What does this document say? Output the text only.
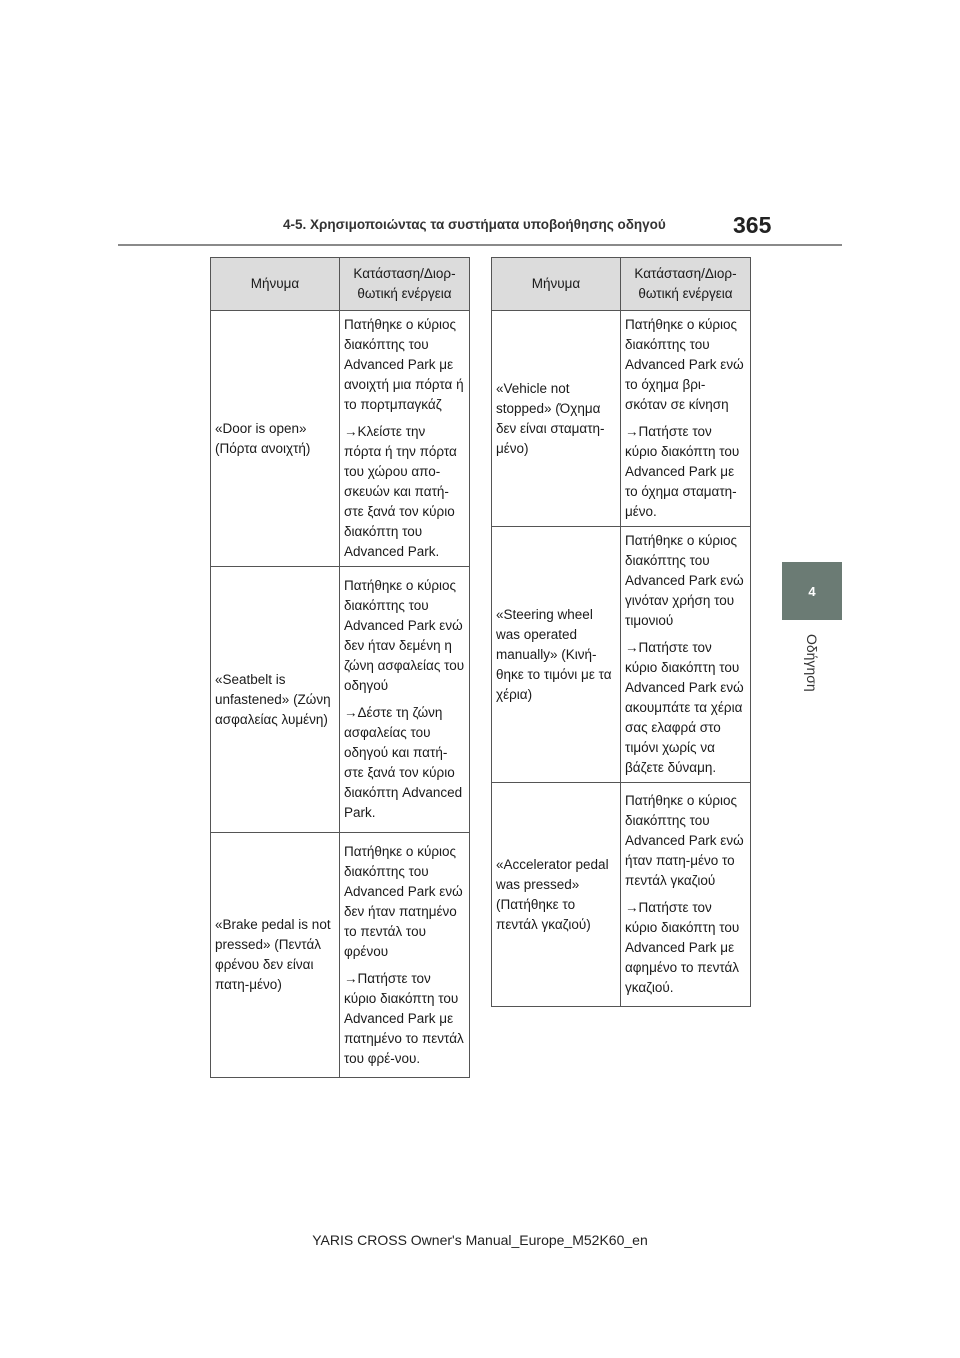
4-5. Χρησιμοποιώντας τα συστήματα υποβοήθησης οδηγού	365
4
Οδήγηση
Μήνυμα	Κατάσταση/Διορ-θωτική ενέργεια
«Door is open» (Πόρτα ανοιχτή)	Πατήθηκε ο κύριος διακόπτης του Advanced Park με ανοιχτή μια πόρτα ή το πορτμπαγκάζ

→Κλείστε την πόρτα ή την πόρτα του χώρου απο-σκευών και πατή-στε ξανά τον κύριο διακόπτη του Advanced Park.

«Seatbelt is unfastened» (Ζώνη ασφαλείας λυμένη)	Πατήθηκε ο κύριος διακόπτης του Advanced Park ενώ δεν ήταν δεμένη η ζώνη ασφαλείας του οδηγού

→Δέστε τη ζώνη ασφαλείας του οδηγού και πατή-στε ξανά τον κύριο διακόπτη Advanced Park.

«Brake pedal is not pressed» (Πεντάλ φρένου δεν είναι πατη-μένο)	Πατήθηκε ο κύριος διακόπτης του Advanced Park ενώ δεν ήταν πατημένο το πεντάλ του φρένου

→Πατήστε τον κύριο διακόπτη του Advanced Park με πατημένο το πεντάλ του φρέ-νου.

Μήνυμα	Κατάσταση/Διορ-θωτική ενέργεια
«Vehicle not stopped» (Όχημα δεν είναι σταματη-μένο)	Πατήθηκε ο κύριος διακόπτης του Advanced Park ενώ το όχημα βρι-σκόταν σε κίνηση

→Πατήστε τον κύριο διακόπτη του Advanced Park με το όχημα σταματη-μένο.

«Steering wheel was operated manually» (Κινή-θηκε το τιμόνι με τα χέρια)	Πατήθηκε ο κύριος διακόπτης του Advanced Park ενώ γινόταν χρήση του τιμονιού

→Πατήστε τον κύριο διακόπτη του Advanced Park ενώ ακουμπάτε τα χέρια σας ελαφρά στο τιμόνι χωρίς να βάζετε δύναμη.

«Accelerator pedal was pressed» (Πατήθηκε το πεντάλ γκαζιού)	Πατήθηκε ο κύριος διακόπτης του Advanced Park ενώ ήταν πατη-μένο το πεντάλ γκαζιού

→Πατήστε τον κύριο διακόπτη του Advanced Park με αφημένο το πεντάλ γκαζιού.

YARIS CROSS Owner's Manual_Europe_M52K60_en
